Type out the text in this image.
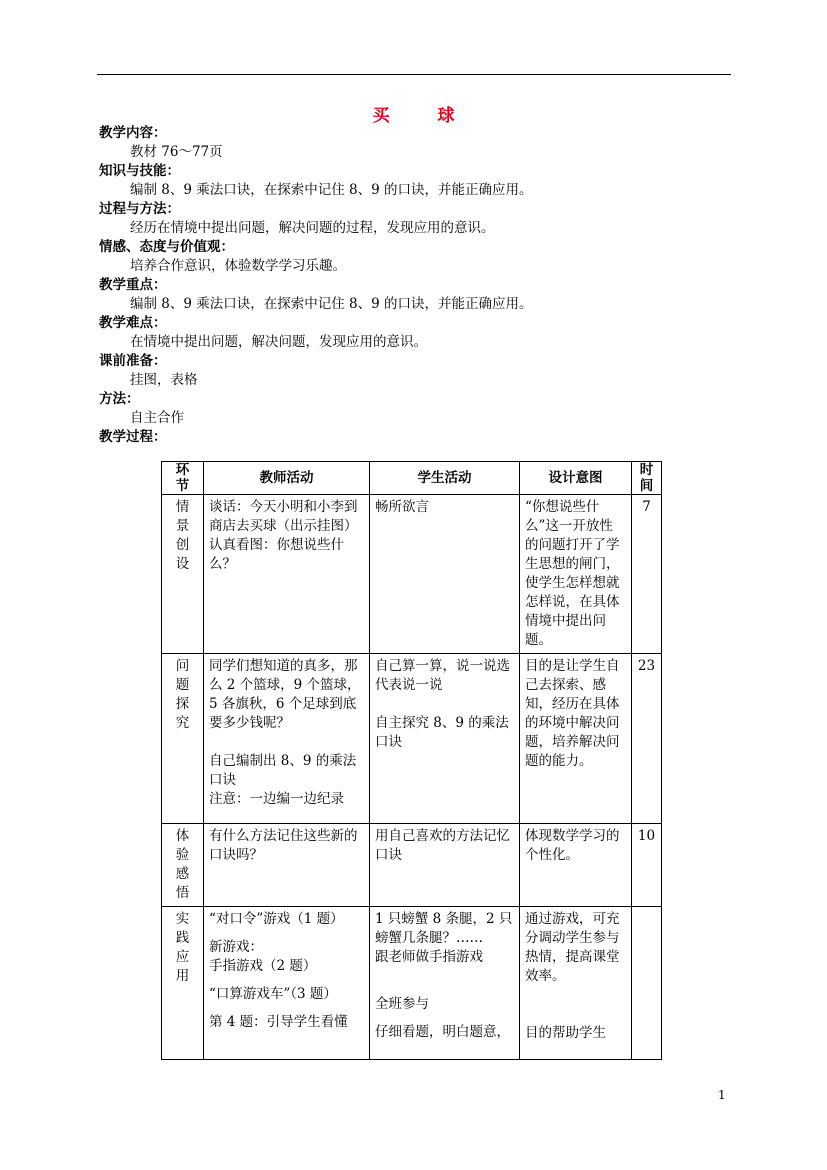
买	球
教学内容：
教材 76～77页
知识与技能：
编制 8、9 乘法口诀，在探索中记住 8、9 的口诀，并能正确应用。
过程与方法：
经历在情境中提出问题，解决问题的过程，发现应用的意识。
情感、态度与价值观：
培养合作意识，体验数学学习乐趣。
教学重点：
编制 8、9 乘法口诀，在探索中记住 8、9 的口诀，并能正确应用。
教学难点：
在情境中提出问题，解决问题，发现应用的意识。
课前准备：
挂图，表格
方法：
自主合作
教学过程：
环节	教师活动	学生活动	设计意图	时间

情景创设	谈话：今天小明和小李到商店去买球（出示挂图）认真看图：你想说些什么？	畅所欲言	“你想说些什么”这一开放性的问题打开了学生思想的闸门，使学生怎样想就怎样说，在具体情境中提出问题。	7

问题探究	同学们想知道的真多，那么 2 个篮球，9 个篮球，5 各旗秋，6 个足球到底要多少钱呢？
自己编制出 8、9 的乘法口诀
注意：一边编一边纪录	自己算一算，说一说选代表说一说
自主探究 8、9 的乘法口诀	目的是让学生自己去探索、感知，经历在具体的环境中解决问题，培养解决问题的能力。	23

体验感悟	有什么方法记住这些新的口诀吗？	用自己喜欢的方法记忆口诀	体现数学学习的个性化。	10

实践应用	“对口令”游戏（1 题）
新游戏：
手指游戏（2 题）
“口算游戏车”（3 题）
第 4 题：引导学生看懂	1 只螃蟹 8 条腿，2 只螃蟹几条腿？……
跟老师做手指游戏
全班参与
仔细看题，明白题意，	通过游戏，可充分调动学生参与热情，提高课堂效率。
目的帮助学生	

1
